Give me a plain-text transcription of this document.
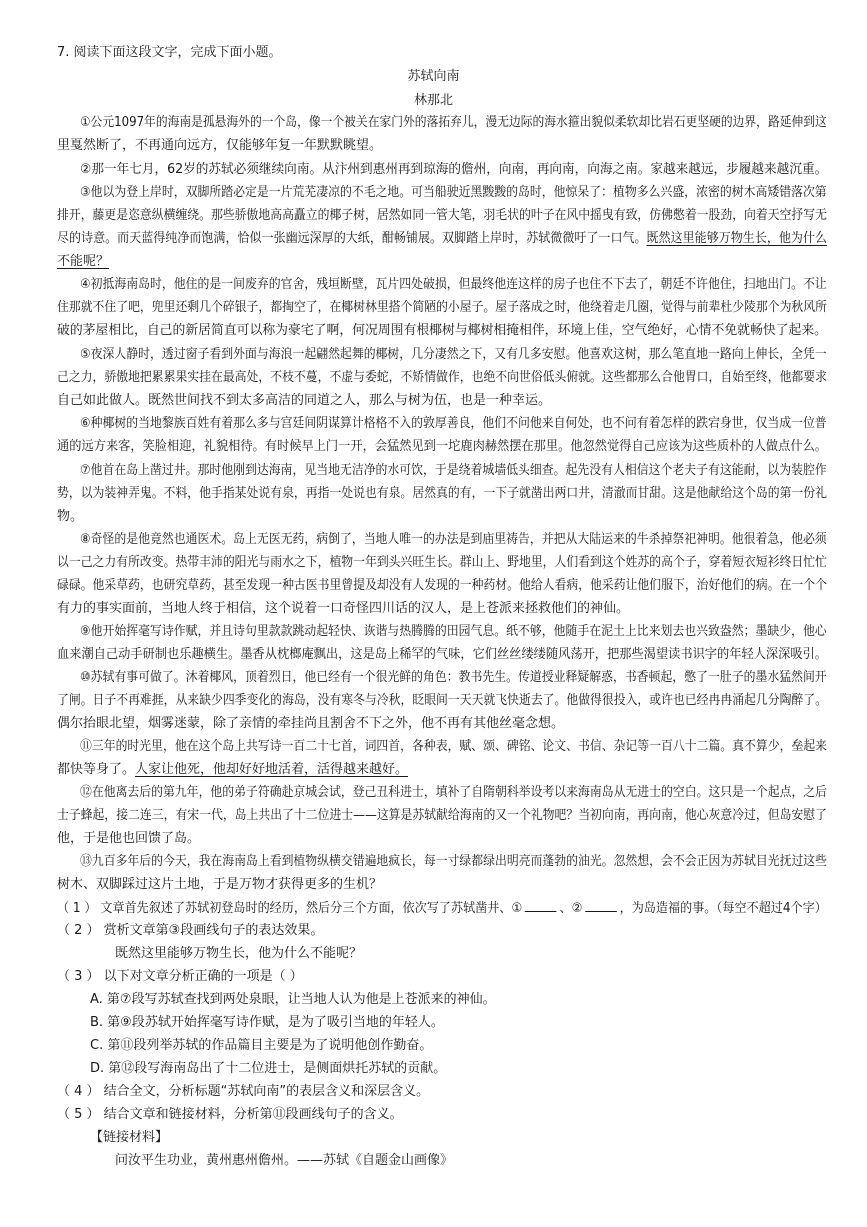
7. 阅读下面这段文字，完成下面小题。
苏轼向南
林那北
①公元1097年的海南是孤悬海外的一个岛，像一个被关在家门外的落拓弃儿，漫无边际的海水箍出貌似柔软却比岩石更坚硬的边界，路延伸到这
里戛然断了，不再通向远方，仅能够年复一年默默眺望。
②那一年七月，62岁的苏轼必须继续向南。从汴州到惠州再到琼海的儋州，向南，再向南，向海之南。家越来越远，步履越来越沉重。
③他以为登上岸时，双脚所踏必定是一片荒芜凄凉的不毛之地。可当船驶近黑黢黢的岛时，他惊呆了：植物多么兴盛，浓密的树木高矮错落次第
排开，藤更是恣意纵横缠绕。那些骄傲地高高矗立的椰子树，居然如同一管大笔，羽毛状的叶子在风中摇曳有致，仿佛憋着一股劲，向着天空抒写无
尽的诗意。而天蓝得纯净而饱满，恰似一张幽远深厚的大纸，酣畅铺展。双脚踏上岸时，苏轼微微吁了一口气。既然这里能够万物生长，他为什么
不能呢？
④初抵海南岛时，他住的是一间废弃的官舍，残垣断壁，瓦片四处破损，但最终他连这样的房子也住不下去了，朝廷不许他住，扫地出门。不让
住那就不住了吧，兜里还剩几个碎银子，都掏空了，在椰树林里搭个简陋的小屋子。屋子落成之时，他绕着走几圈，觉得与前辈杜少陵那个为秋风所
破的茅屋相比，自己的新居简直可以称为豪宅了啊，何况周围有根椰树与椰树相掩相伴，环境上佳，空气绝好，心情不免就畅快了起来。
⑤夜深人静时，透过窗子看到外面与海浪一起翩然起舞的椰树，几分凄然之下，又有几多安慰。他喜欢这树，那么笔直地一路向上伸长，全凭一
己之力，骄傲地把累累果实挂在最高处，不枝不蔓，不虚与委蛇，不矫情做作，也绝不向世俗低头俯就。这些都那么合他胃口，自始至终，他都要求
自己如此做人。既然世间找不到太多高洁的同道之人，那么与树为伍，也是一种幸运。
⑥种椰树的当地黎族百姓有着那么多与宫廷间阴谋算计格格不入的敦厚善良，他们不问他来自何处，也不问有着怎样的跌宕身世，仅当成一位普
通的远方来客，笑脸相迎，礼貌相待。有时候早上门一开，会猛然见到一坨鹿肉赫然摆在那里。他忽然觉得自己应该为这些质朴的人做点什么。
⑦他首在岛上凿过井。那时他刚到达海南，见当地无洁净的水可饮，于是绕着城墙低头细查。起先没有人相信这个老夫子有这能耐，以为装腔作
势，以为装神弄鬼。不料，他手指某处说有泉，再指一处说也有泉。居然真的有，一下子就凿出两口井，清澈而甘甜。这是他献给这个岛的第一份礼
物。
⑧奇怪的是他竟然也通医术。岛上无医无药，病倒了，当地人唯一的办法是到庙里祷告，并把从大陆运来的牛杀掉祭祀神明。他很着急，他必须
以一己之力有所改变。热带丰沛的阳光与雨水之下，植物一年到头兴旺生长。群山上、野地里，人们看到这个姓苏的高个子，穿着短衣短衫终日忙忙
碌碌。他采草药，也研究草药，甚至发现一种古医书里曾提及却没有人发现的一种药材。他给人看病，他采药让他们服下，治好他们的病。在一个个
有力的事实面前，当地人终于相信，这个说着一口奇怪四川话的汉人，是上苍派来拯救他们的神仙。
⑨他开始挥毫写诗作赋，并且诗句里款款跳动起轻快、诙谐与热腾腾的田园气息。纸不够，他随手在泥土上比来划去也兴致盎然；墨缺少，他心
血来潮自己动手研制也乐趣横生。墨香从枕榔庵飘出，这是岛上稀罕的气味，它们丝丝缕缕随风荡开，把那些渴望读书识字的年轻人深深吸引。
⑩苏轼有事可做了。沐着椰风，顶着烈日，他已经有一个很光鲜的角色：教书先生。传道授业释疑解惑，书香顿起，憋了一肚子的墨水猛然间开
了闸。日子不再难捱，从来缺少四季变化的海岛，没有寒冬与冷秋，眨眼间一天天就飞快逝去了。他做得很投入，或许也已经冉冉涌起几分陶醉了。
偶尔抬眼北望，烟雾迷蒙，除了亲情的牵挂尚且割舍不下之外，他不再有其他丝毫念想。
⑪三年的时光里，他在这个岛上共写诗一百二十七首，词四首，各种表，赋、颂、碑铭、论文、书信、杂记等一百八十二篇。真不算少，垒起来
都快等身了。人家让他死，他却好好地活着，活得越来越好。
⑫在他离去后的第九年，他的弟子符确赴京城会试，登己丑科进士，填补了自隋朝科举设考以来海南岛从无进士的空白。这只是一个起点，之后
士子蜂起，接二连三，有宋一代，岛上共出了十二位进士——这算是苏轼献给海南的又一个礼物吧？当初向南，再向南，他心灰意冷过，但岛安慰了
他，于是他也回馈了岛。
⑬九百多年后的今天，我在海南岛上看到植物纵横交错遍地疯长，每一寸绿都绿出明亮而蓬勃的油光。忽然想，会不会正因为苏轼目光抚过这些
树木、双脚踩过这片土地，于是万物才获得更多的生机？
（ 1 ） 文章首先叙述了苏轼初登岛时的经历，然后分三个方面，依次写了苏轼凿井、①	、②	，为岛造福的事。（每空不超过4个字）
（ 2 ） 赏析文章第③段画线句子的表达效果。
既然这里能够万物生长，他为什么不能呢？
（ 3 ） 以下对文章分析正确的一项是（ ）
A. 第⑦段写苏轼查找到两处泉眼，让当地人认为他是上苍派来的神仙。
B. 第⑨段苏轼开始挥毫写诗作赋，是为了吸引当地的年轻人。
C. 第⑪段列举苏轼的作品篇目主要是为了说明他创作勤奋。
D. 第⑫段写海南岛出了十二位进士，是侧面烘托苏轼的贡献。
（ 4 ） 结合全文，分析标题“苏轼向南”的表层含义和深层含义。
（ 5 ） 结合文章和链接材料，分析第⑪段画线句子的含义。
【链接材料】
问汝平生功业，黄州惠州儋州。——苏轼《自题金山画像》
